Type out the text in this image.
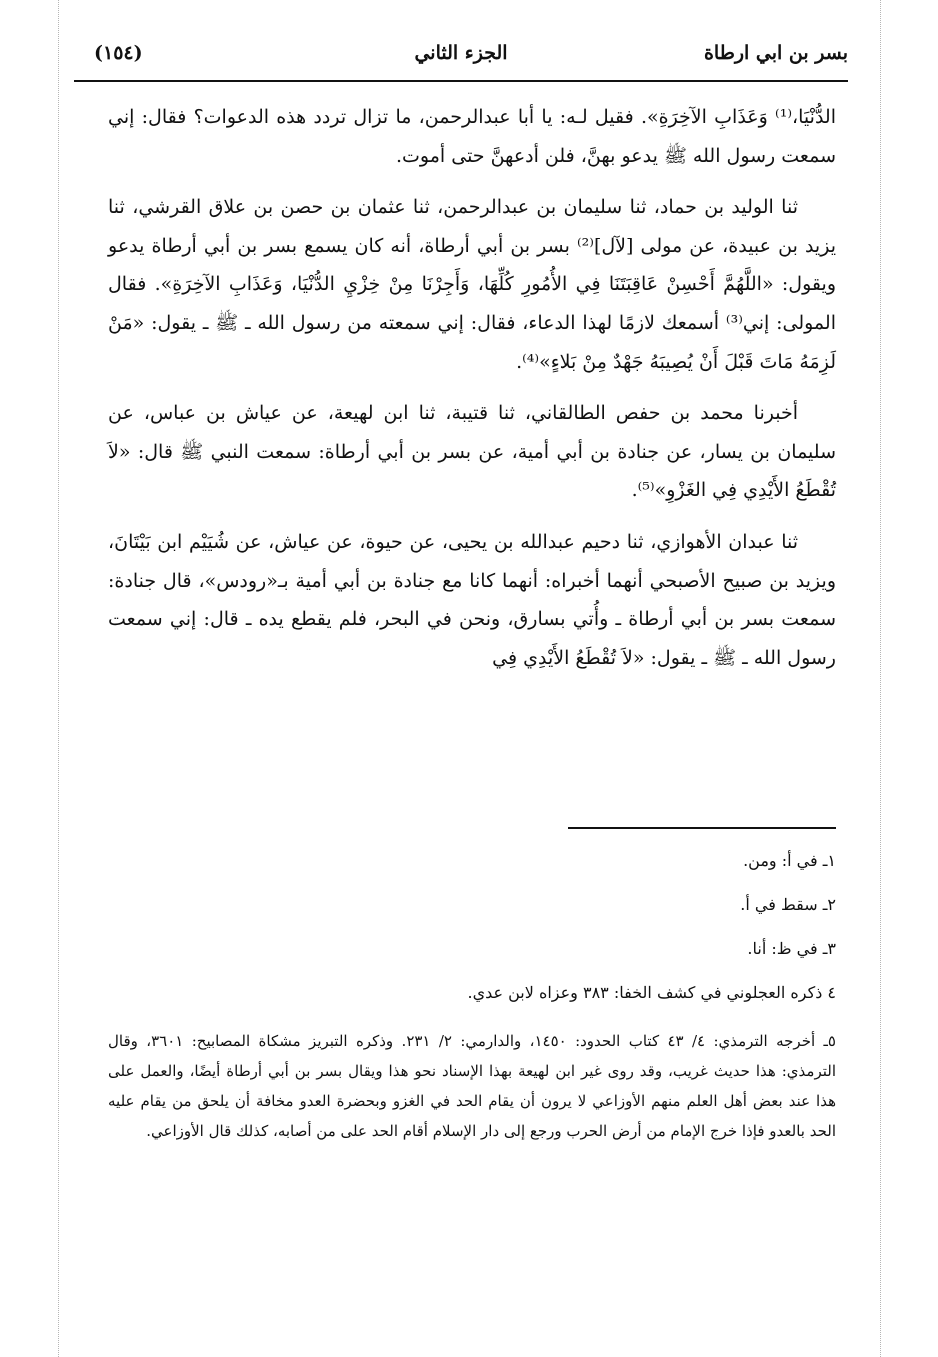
(١٥٤)	الجزء الثاني	بسر بن ابي ارطاة

الدُّنْيَا،⁽¹⁾ وَعَذَابِ الآخِرَةِ». فقيل لـه: يا أبا عبدالرحمن، ما تزال تردد هذه الدعوات؟ فقال: إني سمعت رسول الله ﷺ يدعو بهنَّ، فلن أدعهنَّ حتى أموت.

ثنا الوليد بن حماد، ثنا سليمان بن عبدالرحمن، ثنا عثمان بن حصن بن علاق القرشي، ثنا يزيد بن عبيدة، عن مولى [لآل]⁽²⁾ بسر بن أبي أرطاة، أنه كان يسمع بسر بن أبي أرطاة يدعو ويقول: «اللَّهُمَّ أَحْسِنْ عَاقِبَتَنَا فِي الأُمُورِ كُلِّهَا، وَأَجِرْنَا مِنْ خِزْيِ الدُّنْيَا، وَعَذَابِ الآخِرَةِ». فقال المولى: إني⁽³⁾ أسمعك لازمًا لهذا الدعاء، فقال: إني سمعته من رسول الله ـ ﷺ ـ يقول: «مَنْ لَزِمَهُ مَاتَ قَبْلَ أَنْ يُصِيبَهُ جَهْدٌ مِنْ بَلاءٍ»⁽⁴⁾.

أخبرنا محمد بن حفص الطالقاني، ثنا قتيبة، ثنا ابن لهيعة، عن عياش بن عباس، عن سليمان بن يسار، عن جنادة بن أبي أمية، عن بسر بن أبي أرطاة: سمعت النبي ﷺ قال: «لاَ تُقْطَعُ الأَيْدِي فِي الغَزْوِ»⁽⁵⁾.

ثنا عبدان الأهوازي، ثنا دحيم عبدالله بن يحيى، عن حيوة، عن عياش، عن شُيَيْم ابن بَيْتَانَ، ويزيد بن صبيح الأصبحي أنهما أخبراه: أنهما كانا مع جنادة بن أبي أمية بـ«رودس»، قال جنادة: سمعت بسر بن أبي أرطاة ـ وأُتي بسارق، ونحن في البحر، فلم يقطع يده ـ قال: إني سمعت رسول الله ـ ﷺ ـ يقول: «لاَ تُقْطَعُ الأَيْدِي فِي

١ـ في أ: ومن.
٢ـ سقط في أ.
٣ـ في ظ: أنا.
٤ ذكره العجلوني في كشف الخفا: ٣٨٣ وعزاه لابن عدي.
٥ـ أخرجه الترمذي: ٤/ ٤٣ كتاب الحدود: ١٤٥٠، والدارمي: ٢/ ٢٣١. وذكره التبريز مشكاة المصابيح: ٣٦٠١، وقال الترمذي: هذا حديث غريب، وقد روى غير ابن لهيعة بهذا الإسناد نحو هذا ويقال بسر بن أبي أرطاة أيضًا، والعمل على هذا عند بعض أهل العلم منهم الأوزاعي لا يرون أن يقام الحد في الغزو وبحضرة العدو مخافة أن يلحق من يقام عليه الحد بالعدو فإذا خرج الإمام من أرض الحرب ورجع إلى دار الإسلام أقام الحد على من أصابه، كذلك قال الأوزاعي.
